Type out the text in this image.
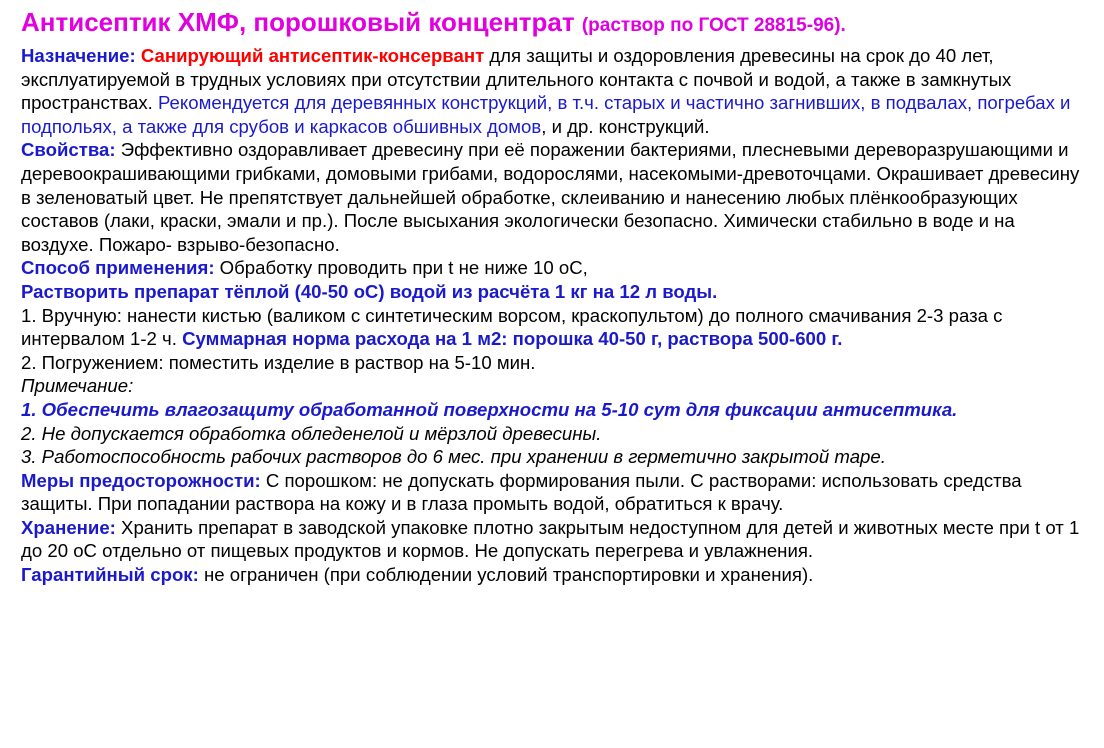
Антисептик ХМФ, порошковый концентрат (раствор по ГОСТ 28815-96).

Назначение: Санирующий антисептик-консервант для защиты и оздоровления древесины на срок до 40 лет, эксплуатируемой в трудных условиях при отсутствии длительного контакта с почвой и водой, а также в замкнутых пространствах. Рекомендуется для деревянных конструкций, в т.ч. старых и частично загнивших, в подвалах, погребах и подпольях, а также для срубов и каркасов обшивных домов, и др. конструкций.

Свойства: Эффективно оздоравливает древесину при её поражении бактериями, плесневыми дереворазрушающими и деревоокрашивающими грибками, домовыми грибами, водорослями, насекомыми-древоточцами. Окрашивает древесину в зеленоватый цвет. Не препятствует дальнейшей обработке, склеиванию и нанесению любых плёнкообразующих составов (лаки, краски, эмали и пр.). После высыхания экологически безопасно. Химически стабильно в воде и на воздухе. Пожаро- взрыво-безопасно.

Способ применения: Обработку проводить при t не ниже 10 оС,

Растворить препарат тёплой (40-50 оС) водой из расчёта 1 кг на 12 л воды.

1. Вручную: нанести кистью (валиком с синтетическим ворсом, краскопультом) до полного смачивания 2-3 раза с интервалом 1-2 ч. Суммарная норма расхода на 1 м2: порошка 40-50 г, раствора 500-600 г.

2. Погружением: поместить изделие в раствор на 5-10 мин.

Примечание:

1. Обеспечить влагозащиту обработанной поверхности на 5-10 сут для фиксации антисептика.

2. Не допускается обработка обледенелой и мёрзлой древесины.

3. Работоспособность рабочих растворов до 6 мес. при хранении в герметично закрытой таре.

Меры предосторожности: С порошком: не допускать формирования пыли. С растворами: использовать средства защиты. При попадании раствора на кожу и в глаза промыть водой, обратиться к врачу.

Хранение: Хранить препарат в заводской упаковке плотно закрытым недоступном для детей и животных месте при t от 1 до 20 оС отдельно от пищевых продуктов и кормов. Не допускать перегрева и увлажнения.

Гарантийный срок: не ограничен (при соблюдении условий транспортировки и хранения).
